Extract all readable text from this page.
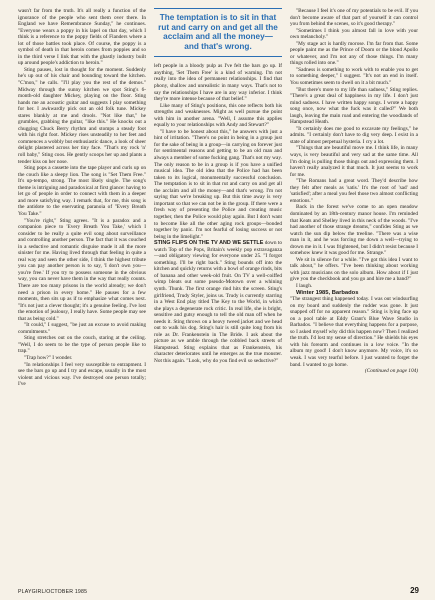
wasn't far from the truth. It's all really a function of the ignorance of the people who sent them over there. In England we have Remembrance Sunday," he continues. "Everyone wears a poppy in his lapel on that day, which I think is a reference to the poppy fields of Flanders where a lot of those battles took place. Of course, the poppy is a symbol of death in that heroin comes from poppies and so in the third verse I link that with the ghastly industry built up around people's addiction to heroin."

Sting pauses, lost in thought for the moment. Suddenly he's up out of his chair and bounding toward the kitchen. "C'mon," he calls. "I'll play you the rest of the demos." Midway through the sunny kitchen we spot Sting's 6-month-old daughter Mickey, playing on the floor. Sting hands me an acoustic guitar and suggests I play something for her. I awkwardly pick out an old folk tune. Mickey stares blankly at me and drools. "Not like that," he grumbles, grabbing the guitar, "like this." He knocks out a chugging Chuck Berry rhythm and stomps a steady foot with his right foot. Mickey rises unsteadily to her feet and commences a wobbly but enthusiastic dance, a look of sheer delight plastered across her tiny face. "That's my rock 'n' roll baby," Sting coos. He gently scoops her up and plants a tender kiss on her nose.

Sting pops a cassette into the tape player and curls up on the couch like a sleepy lion. The song is "Set Them Free." It's up-tempo, strong. The most likely single. The song's theme is intriguing and paradoxical at first glance: having to let go of people in order to connect with them in a deeper and more satisfying way. I remark that, for me, this song is the antidote to the enervating paranoia of "Every Breath You Take."

"You're right," Sting agrees. "It is a paradox and a companion piece to 'Every Breath You Take,' which I consider to be really a quite evil song about surveillance and controlling another person. The fact that it was couched in a seductive and romantic disguise made it all the more sinister for me. Having lived through that feeling in quite a real way and seen the other side, I think the highest tribute you can pay another person is to say, 'I don't own you—you're free.' If you try to possess someone in the obvious way, you can never have them in the way that really counts. There are too many prisons in the world already; we don't need a prison in every home." He pauses for a few moments, then sits up as if to emphasize what comes next. "It's not just a clever thought; it's a genuine feeling. I've lost the emotion of jealousy, I really have. Some people may see that as being cold."

"It could," I suggest, "be just an excuse to avoid making commitments."

Sting stretches out on the couch, staring at the ceiling. "Well, I do seem to be the type of person people like to trap."

"Trap how?" I wonder.

"In relationships I feel very susceptible to entrapment. I see the bars go up and I try and escape, usually in the most violent and vicious way. I've destroyed one person totally; I've

The temptation is to sit in that rut and carry on and get all the acclaim and all the money—and that's wrong.

left people in a bloody pulp as I've felt the bars go up. If anything, 'Set Them Free' is a kind of warning. I'm not really into the idea of permanent relationships. I find that phony, shallow and unrealistic in many ways. That's not to say the relationships I have are in any way inferior. I think they're more intense because of that belief."

Like many of Sting's positions, this one reflects both his strengths and weaknesses. Might as well pursue the point with him in another arena. "Well, I assume this applies equally to your relationships with Andy and Stewart?"

"I have to be honest about this," he answers with just a hint of irritation. "There's no point in being in a group just for the sake of being in a group—in carrying on forever just for sentimental reasons and getting to be an old man and always a member of some fucking gang. That's not my way. The only reason to be in a group is if you have a unified musical idea. The old idea that the Police had has been taken to its logical, monumentally successful conclusion. The temptation is to sit in that rut and carry on and get all the acclaim and all the money—and that's wrong. I'm not saying that we're breaking up. But this time away is very important so that we can not be in the group. If there were a fresh way of presenting the Police and creating music together, then the Police would play again. But I don't want to become like all the other aging rock groups—bonded together by panic. I'm not fearful of losing success or not being in the limelight."

STING FLIPS ON THE TV AND WE SETTLE down to watch Top of the Pops, Britain's weekly pop extravaganza—and obligatory viewing for everyone under 25. "I forgot something. I'll be right back." Sting bounds off into the kitchen and quickly returns with a bowl of orange rinds, bits of banana and other week-old fruit. On TV a well-coiffed wimp bleats out some pseudo-Motown over a whining synth. Thunk. The first orange rind hits the screen. Sting's girlfriend, Trudy Styler, joins us. Trudy is currently starring in a West End play titled The Key to the World, in which she plays a degenerate rock critic. In real life, she is bright, sensitive and gutsy enough to tell the old man off when he needs it. Sting throws on a heavy tweed jacket and we head out to walk his dog. Sting's hair is still quite long from his role as Dr. Frankenstein in The Bride. I ask about the picture as we amble through the cobbled back streets of Hampstead. Sting explains that as Frankenstein, his character deteriorates until he emerges as the true monster. Not this again. "Look, why do you find evil so seductive?"

"Because I feel it's one of my potentials to be evil. If you don't become aware of that part of yourself it can control you from behind the scenes, so it's good therapy."

"Sometimes I think you almost fall in love with your own melancholy."

"My stage act is hardly morose. I'm far from that. Some people paint me as the Prince of Doom or the blond Apollo or whatever, and I'm not any of those things. I'm many things rolled into one."

"Sadness is something to work with to enable you to get to something deeper," I suggest. "It's not an end in itself. You sometimes seem to dwell on it a bit much."

"But there's more to my life than sadness," Sting replies. "There's a great deal of happiness in my life. I don't just mind sadness. I have written happy songs. I wrote a happy song once, now what the fuck was it called?" We both laugh, leaving the main road and entering the woodlands of Hampstead Heath.

"It certainly does me good to excavate my feelings," he admits. "I certainly don't have to dig very deep. I exist in a state of almost perpetual hysteria. I cry a lot.

"Things that are beautiful move me. I think life, in many ways, is very beautiful and very sad at the same time. All I'm doing is pulling those things out and expressing them. I haven't really analyzed it that much. It just seems to work for me.

"The Romans had a great word. They'd describe how they felt after meals as 'satis.' It's the root of 'sad' and 'satisfied'; after a meal you feel those two almost conflicting emotions."

Back in the forest we've come to an open meadow dominated by an 18th-century manor house. I'm reminded that Keats and Shelley lived in this neck of the woods. "I've had another of those strange dreams," confides Sting as we watch the sun dip below the treeline. "There was a wise man in it, and he was forcing me down a well—trying to drown me in it. I was frightened, but I didn't resist because I somehow knew it was good for me. Strange."

We sit in silence for a while. "I've got this idea I want to talk about," he offers. "I've been thinking about working with jazz musicians on the solo album. How about if I just give you the checkbook and you go and hire me a band?"

I laugh.

Winter 1985, Barbados

"The strangest thing happened today. I was out windsurfing on my board and suddenly the rudder was gone. It just snapped off for no apparent reason." Sting is lying face up on a pool table at Eddy Grant's Blue Wave Studio in Barbados. "I believe that everything happens for a purpose, so I asked myself why did this happen now? Then I realized the truth. I'd lost my sense of direction." He shields his eyes with his forearm and continues in a low voice. "In the album my good! I don't know anymore. My voice, it's so weak. I was very tearful before. I just wanted to forget the band. I wanted to go home.

(Continued on page 104)

PLAYGIRL/OCTOBER 1985	29
